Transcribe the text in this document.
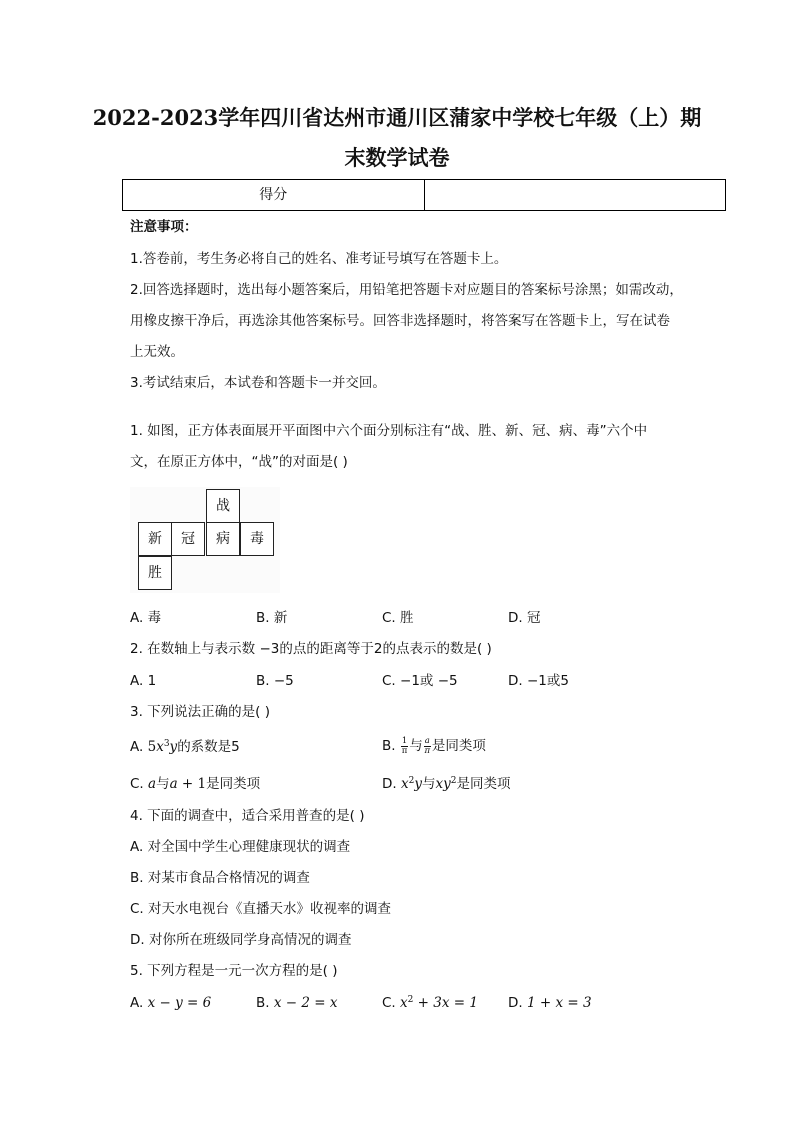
2022-2023学年四川省达州市通川区蒲家中学校七年级（上）期
末数学试卷
得分
注意事项：
1.答卷前，考生务必将自己的姓名、准考证号填写在答题卡上。
2.回答选择题时，选出每小题答案后，用铅笔把答题卡对应题目的答案标号涂黑；如需改动，
用橡皮擦干净后，再选涂其他答案标号。回答非选择题时，将答案写在答题卡上，写在试卷
上无效。
3.考试结束后，本试卷和答题卡一并交回。
1. 如图，正方体表面展开平面图中六个面分别标注有“战、胜、新、冠、病、毒”六个中
文，在原正方体中，“战”的对面是( )
战
新	冠	病	毒
胜
A. 毒	B. 新	C. 胜	D. 冠
2. 在数轴上与表示数 −3的点的距离等于2的点表示的数是( )
A. 1	B. −5	C. −1或 −5	D. −1或5
3. 下列说法正确的是( )
A. $5x^3y$的系数是5	B. $\frac{1}{\pi}$ 与 $\frac{a}{\pi}$ 是同类项
C. a与a + 1是同类项	D. $x^2y$与$xy^2$是同类项
4. 下面的调查中，适合采用普查的是( )
A. 对全国中学生心理健康现状的调查
B. 对某市食品合格情况的调查
C. 对天水电视台《直播天水》收视率的调查
D. 对你所在班级同学身高情况的调查
5. 下列方程是一元一次方程的是( )
A. x − y = 6	B. x − 2 = x	C. $x^2 + 3x = 1$ D. 1 + x = 3
